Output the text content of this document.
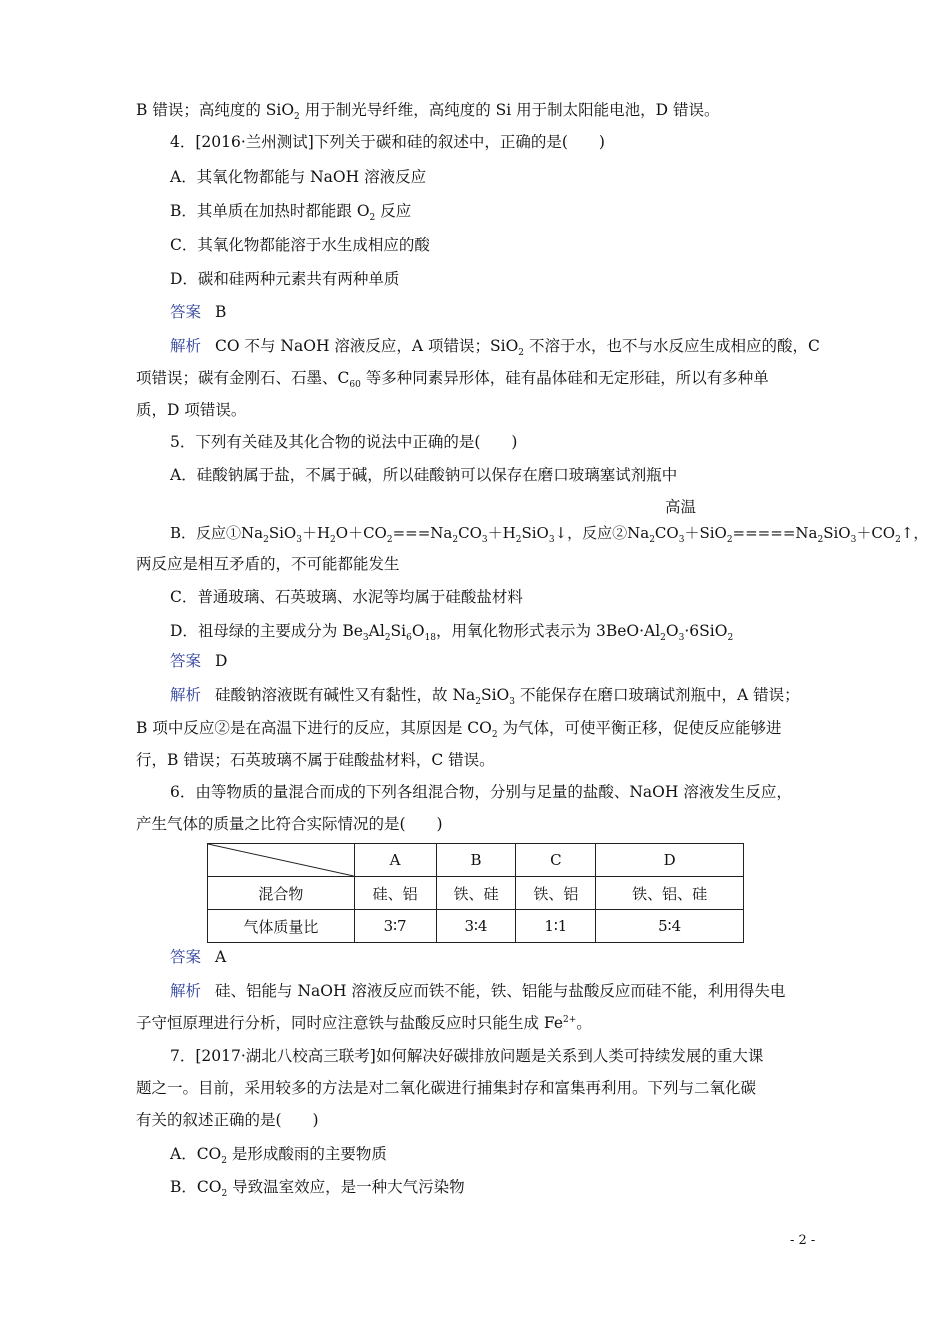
B 错误；高纯度的 SiO$_2$ 用于制光导纤维，高纯度的 Si 用于制太阳能电池，D 错误。
4．[2016·兰州测试]下列关于碳和硅的叙述中，正确的是(　　)
A．其氧化物都能与 NaOH 溶液反应
B．其单质在加热时都能跟 $O_2$ 反应
C．其氧化物都能溶于水生成相应的酸
D．碳和硅两种元素共有两种单质
答案 B
解析 CO 不与 NaOH 溶液反应，A 项错误；SiO$_2$ 不溶于水，也不与水反应生成相应的酸，C
项错误；碳有金刚石、石墨、$C_{60}$ 等多种同素异形体，硅有晶体硅和无定形硅，所以有多种单
质，D 项错误。
5．下列有关硅及其化合物的说法中正确的是(　　)
A．硅酸钠属于盐，不属于碱，所以硅酸钠可以保存在磨口玻璃塞试剂瓶中
高温
B．反应$①Na_2SiO_3+H_2O+CO_2===Na_2CO_3+H_2SiO_3↓$，反应$②Na_2CO_3+SiO_2=====Na_2SiO_3+CO_2↑$，
两反应是相互矛盾的，不可能都能发生
C．普通玻璃、石英玻璃、水泥等均属于硅酸盐材料
D．祖母绿的主要成分为 $Be_3Al_2Si_6O_{18}$，用氧化物形式表示为 $3BeO\cdot Al_2O_3\cdot 6SiO_2$
答案 D
解析 硅酸钠溶液既有碱性又有黏性，故 $Na_2SiO_3$ 不能保存在磨口玻璃试剂瓶中，A 错误；
B 项中反应②是在高温下进行的反应，其原因是 $CO_2$ 为气体，可使平衡正移，促使反应能够进
行，B 错误；石英玻璃不属于硅酸盐材料，C 错误。
6．由等物质的量混合而成的下列各组混合物，分别与足量的盐酸、NaOH 溶液发生反应，
产生气体的质量之比符合实际情况的是(　　)
	A	B	C	D
混合物	硅、铝	铁、硅	铁、铝	铁、铝、硅
气体质量比	3∶7	3∶4	1∶1	5∶4
答案 A
解析 硅、铝能与 NaOH 溶液反应而铁不能，铁、铝能与盐酸反应而硅不能，利用得失电
子守恒原理进行分析，同时应注意铁与盐酸反应时只能生成 $Fe^{2+}$。
7．[2017·湖北八校高三联考]如何解决好碳排放问题是关系到人类可持续发展的重大课
题之一。目前，采用较多的方法是对二氧化碳进行捕集封存和富集再利用。下列与二氧化碳
有关的叙述正确的是(　　)
A．$CO_2$ 是形成酸雨的主要物质
B．$CO_2$ 导致温室效应，是一种大气污染物
- 2 -
